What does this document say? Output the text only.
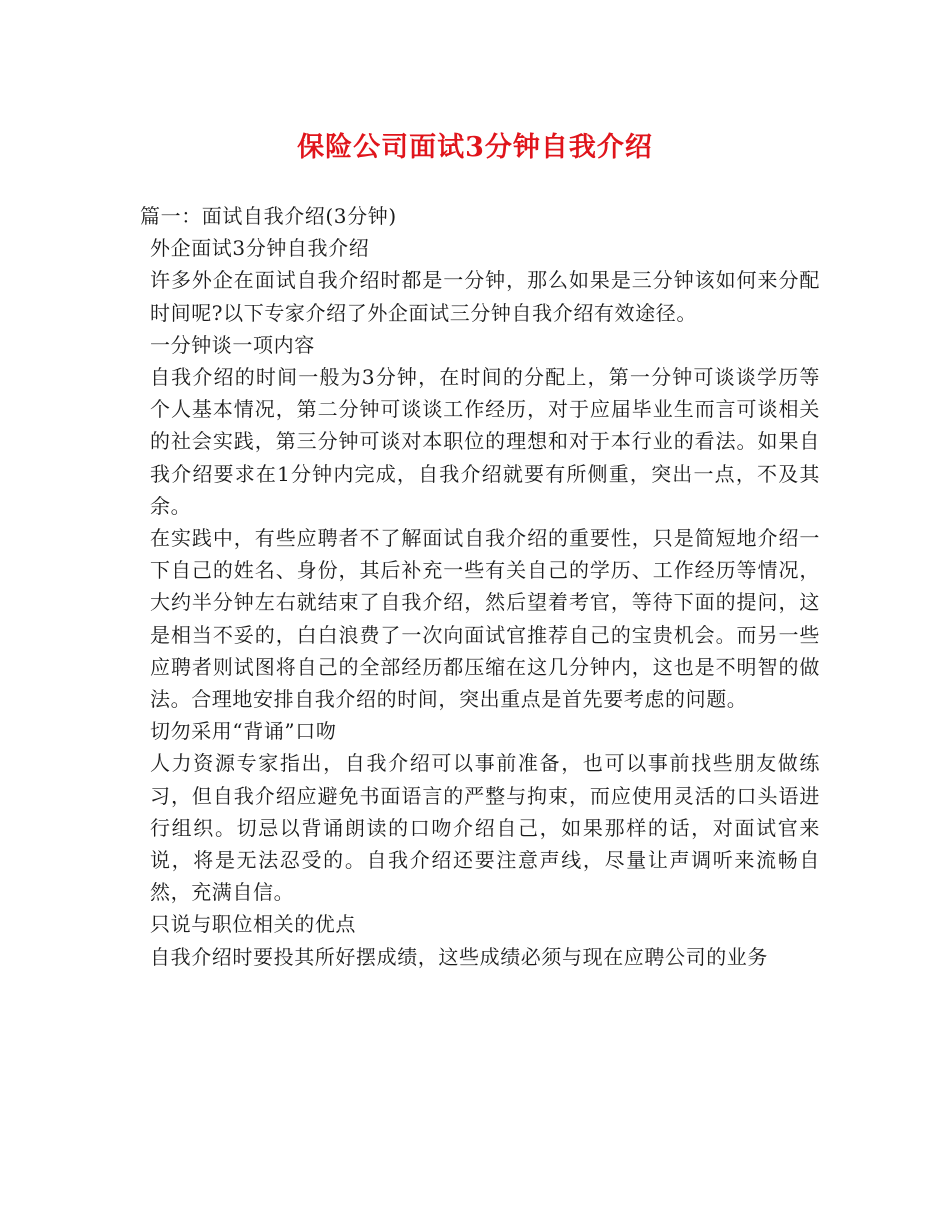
保险公司面试3分钟自我介绍

篇一：面试自我介绍(3分钟)

外企面试3分钟自我介绍

许多外企在面试自我介绍时都是一分钟，那么如果是三分钟该如何来分配时间呢?以下专家介绍了外企面试三分钟自我介绍有效途径。

一分钟谈一项内容

自我介绍的时间一般为3分钟，在时间的分配上，第一分钟可谈谈学历等个人基本情况，第二分钟可谈谈工作经历，对于应届毕业生而言可谈相关的社会实践，第三分钟可谈对本职位的理想和对于本行业的看法。如果自我介绍要求在1分钟内完成，自我介绍就要有所侧重，突出一点，不及其余。

在实践中，有些应聘者不了解面试自我介绍的重要性，只是简短地介绍一下自己的姓名、身份，其后补充一些有关自己的学历、工作经历等情况，大约半分钟左右就结束了自我介绍，然后望着考官，等待下面的提问，这是相当不妥的，白白浪费了一次向面试官推荐自己的宝贵机会。而另一些应聘者则试图将自己的全部经历都压缩在这几分钟内，这也是不明智的做法。合理地安排自我介绍的时间，突出重点是首先要考虑的问题。

切勿采用“背诵”口吻

人力资源专家指出，自我介绍可以事前准备，也可以事前找些朋友做练习，但自我介绍应避免书面语言的严整与拘束，而应使用灵活的口头语进行组织。切忌以背诵朗读的口吻介绍自己，如果那样的话，对面试官来说，将是无法忍受的。自我介绍还要注意声线，尽量让声调听来流畅自然，充满自信。

只说与职位相关的优点

自我介绍时要投其所好摆成绩，这些成绩必须与现在应聘公司的业务
